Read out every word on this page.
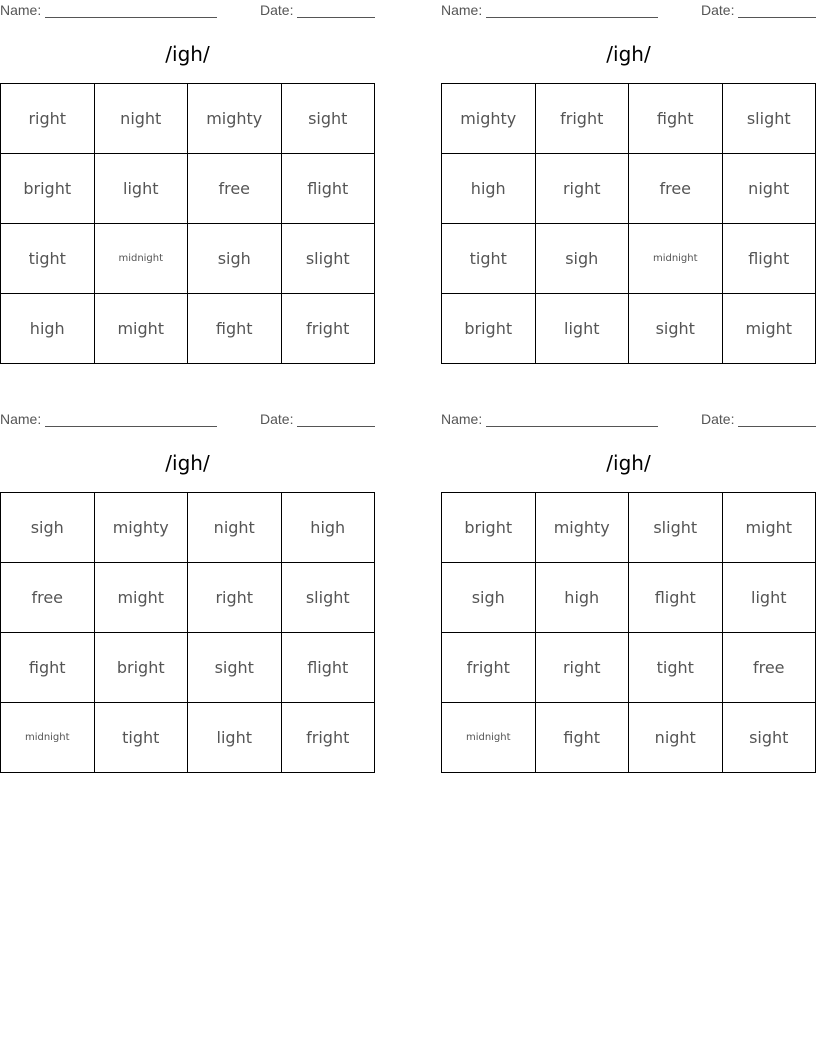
Name:	Date:
/igh/
right	night	mighty	sight
bright	light	free	flight
tight	midnight	sigh	slight
high	might	fight	fright
Name:	Date:
/igh/
mighty	fright	fight	slight
high	right	free	night
tight	sigh	midnight	flight
bright	light	sight	might
Name:	Date:
/igh/
sigh	mighty	night	high
free	might	right	slight
fight	bright	sight	flight
midnight	tight	light	fright
Name:	Date:
/igh/
bright	mighty	slight	might
sigh	high	flight	light
fright	right	tight	free
midnight	fight	night	sight
